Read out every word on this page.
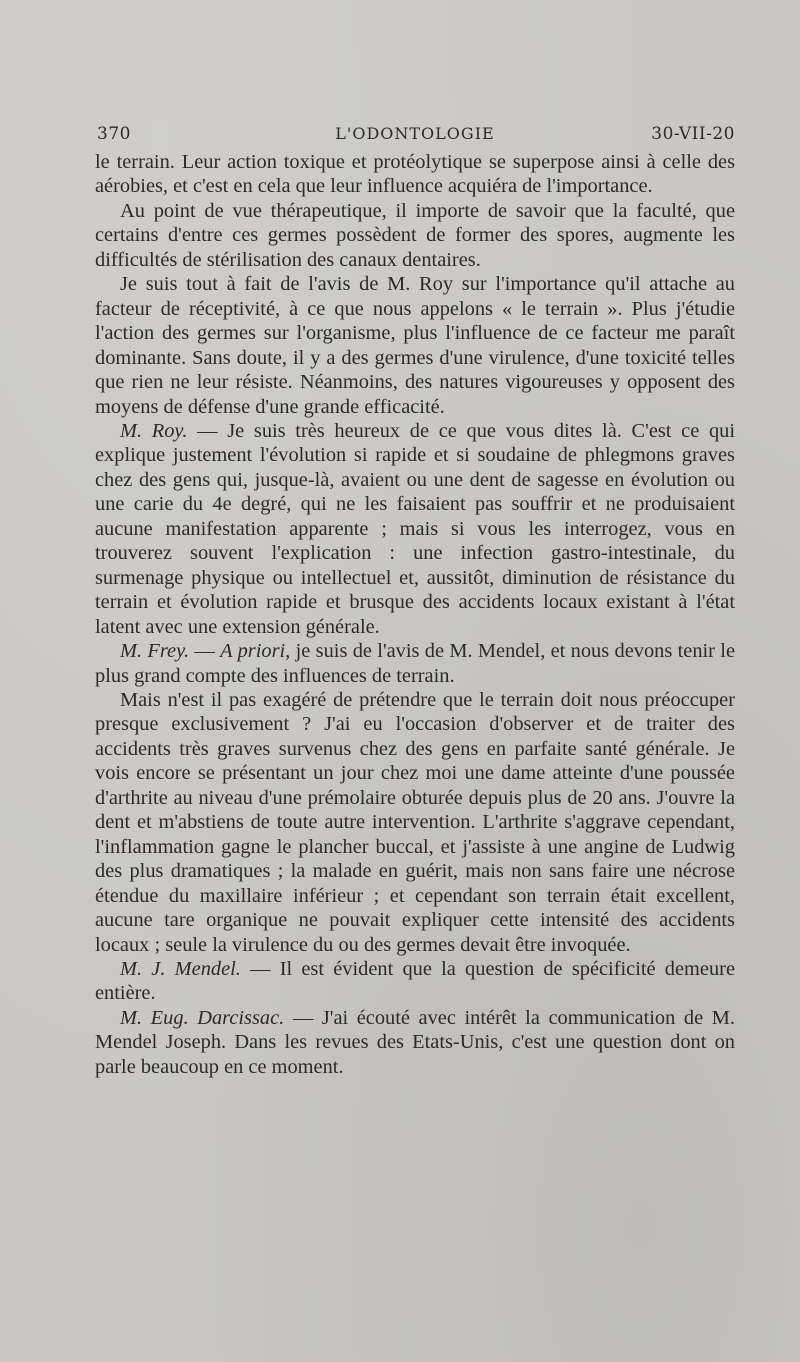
370	L'ODONTOLOGIE	30-VII-20

le terrain. Leur action toxique et protéolytique se superpose ainsi à celle des aérobies, et c'est en cela que leur influence acquiéra de l'importance.

Au point de vue thérapeutique, il importe de savoir que la faculté, que certains d'entre ces germes possèdent de former des spores, augmente les difficultés de stérilisation des canaux dentaires.

Je suis tout à fait de l'avis de M. Roy sur l'importance qu'il attache au facteur de réceptivité, à ce que nous appelons « le terrain ». Plus j'étudie l'action des germes sur l'organisme, plus l'influence de ce facteur me paraît dominante. Sans doute, il y a des germes d'une virulence, d'une toxicité telles que rien ne leur résiste. Néanmoins, des natures vigoureuses y opposent des moyens de défense d'une grande efficacité.

M. Roy. — Je suis très heureux de ce que vous dites là. C'est ce qui explique justement l'évolution si rapide et si soudaine de phlegmons graves chez des gens qui, jusque-là, avaient ou une dent de sagesse en évolution ou une carie du 4e degré, qui ne les faisaient pas souffrir et ne produisaient aucune manifestation apparente ; mais si vous les interrogez, vous en trouverez souvent l'explication : une infection gastro-intestinale, du surmenage physique ou intellectuel et, aussitôt, diminution de résistance du terrain et évolution rapide et brusque des accidents locaux existant à l'état latent avec une extension générale.

M. Frey. — A priori, je suis de l'avis de M. Mendel, et nous devons tenir le plus grand compte des influences de terrain.

Mais n'est il pas exagéré de prétendre que le terrain doit nous préoccuper presque exclusivement ? J'ai eu l'occasion d'observer et de traiter des accidents très graves survenus chez des gens en parfaite santé générale. Je vois encore se présentant un jour chez moi une dame atteinte d'une poussée d'arthrite au niveau d'une prémolaire obturée depuis plus de 20 ans. J'ouvre la dent et m'abstiens de toute autre intervention. L'arthrite s'aggrave cependant, l'inflammation gagne le plancher buccal, et j'assiste à une angine de Ludwig des plus dramatiques ; la malade en guérit, mais non sans faire une nécrose étendue du maxillaire inférieur ; et cependant son terrain était excellent, aucune tare organique ne pouvait expliquer cette intensité des accidents locaux ; seule la virulence du ou des germes devait être invoquée.

M. J. Mendel. — Il est évident que la question de spécificité demeure entière.

M. Eug. Darcissac. — J'ai écouté avec intérêt la communication de M. Mendel Joseph. Dans les revues des Etats-Unis, c'est une question dont on parle beaucoup en ce moment.
